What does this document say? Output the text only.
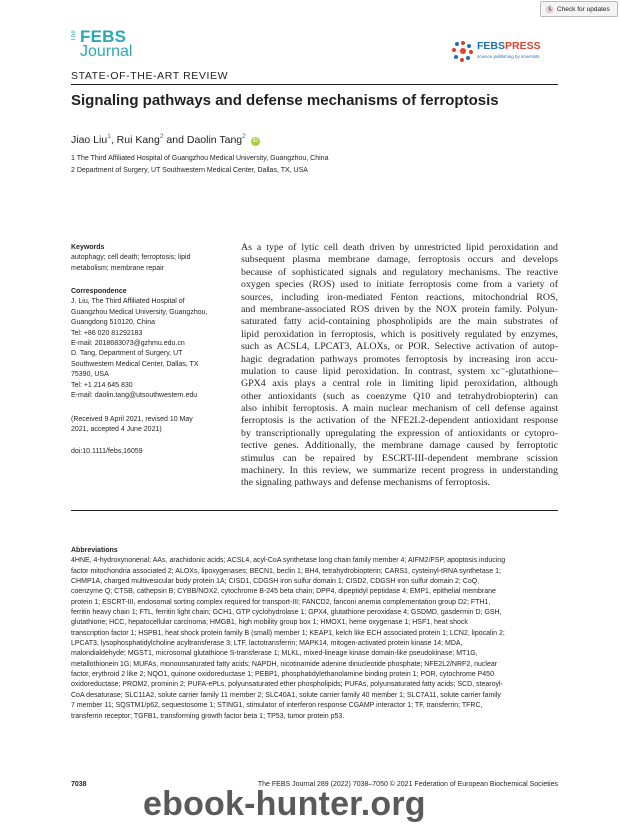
Check for updates
The FEBS
Journal	FEBSPRESS
science publishing by scientists
STATE-OF-THE-ART REVIEW
Signaling pathways and defense mechanisms of ferroptosis
Jiao Liu$^1$, Rui Kang$^2$ and Daolin Tang$^2$iD
1 The Third Affiliated Hospital of Guangzhou Medical University, Guangzhou, China
2 Department of Surgery, UT Southwestern Medical Center, Dallas, TX, USA
Keywords
autophagy; cell death; ferroptosis; lipid
metabolism; membrane repair
Correspondence
J. Liu, The Third Affiliated Hospital of
Guangzhou Medical University, Guangzhou,
Guangdong 510120, China
Tel: +86 020 81292183
E-mail: 2018683073@gzhmu.edu.cn
D. Tang, Department of Surgery, UT
Southwestern Medical Center, Dallas, TX
75390, USA
Tel: +1 214 645 830
E-mail: daolin.tang@utsouthwestern.edu
(Received 9 April 2021, revised 10 May
2021, accepted 4 June 2021)
doi:10.1111/febs.16059
As a type of lytic cell death driven by unrestricted lipid peroxidation and
subsequent plasma membrane damage, ferroptosis occurs and develops
because of sophisticated signals and regulatory mechanisms. The reactive
oxygen species (ROS) used to initiate ferroptosis come from a variety of
sources, including iron-mediated Fenton reactions, mitochondrial ROS,
and membrane-associated ROS driven by the NOX protein family. Polyun-
saturated fatty acid-containing phospholipids are the main substrates of
lipid peroxidation in ferroptosis, which is positively regulated by enzymes,
such as ACSL4, LPCAT3, ALOXs, or POR. Selective activation of autop-
hagic degradation pathways promotes ferroptosis by increasing iron accu-
mulation to cause lipid peroxidation. In contrast, system xc⁻-glutathione–
GPX4 axis plays a central role in limiting lipid peroxidation, although
other antioxidants (such as coenzyme Q10 and tetrahydrobiopterin) can
also inhibit ferroptosis. A main nuclear mechanism of cell defense against
ferroptosis is the activation of the NFE2L2-dependent antioxidant response
by transcriptionally upregulating the expression of antioxidants or cytopro-
tective genes. Additionally, the membrane damage caused by ferroptotic
stimulus can be repaired by ESCRT-III-dependent membrane scission
machinery. In this review, we summarize recent progress in understanding
the signaling pathways and defense mechanisms of ferroptosis.
Abbreviations
4HNE, 4-hydroxynonenal; AAs, arachidonic acids; ACSL4, acyl-CoA synthetase long chain family member 4; AIFM2/FSP, apoptosis inducing
factor mitochondria associated 2; ALOXs, lipoxygenases; BECN1, beclin 1; BH4, tetrahydrobiopterin; CARS1, cysteinyl-tRNA synthetase 1;
CHMP1A, charged multivesicular body protein 1A; CISD1, CDGSH iron sulfur domain 1; CISD2, CDGSH iron sulfur domain 2; CoQ,
coenzyme Q; CTSB, cathepsin B; CYBB/NOX2, cytochrome B-245 beta chain; DPP4, dipeptidyl peptidase 4; EMP1, epithelial membrane
protein 1; ESCRT-III, endosomal sorting complex required for transport-III; FANCD2, fanconi anemia complementation group D2; FTH1,
ferritin heavy chain 1; FTL, ferritin light chain; GCH1, GTP cyclohydrolase 1; GPX4, glutathione peroxidase 4; GSDMD, gasdermin D; GSH,
glutathione; HCC, hepatocellular carcinoma; HMGB1, high mobility group box 1; HMOX1, heme oxygenase 1; HSF1, heat shock
transcription factor 1; HSPB1, heat shock protein family B (small) member 1; KEAP1, kelch like ECH associated protein 1; LCN2, lipocalin 2;
LPCAT3, lysophosphatidylcholine acyltransferase 3; LTF, lactotransferrin; MAPK14, mitogen-activated protein kinase 14; MDA,
malondialdehyde; MGST1, microsomal glutathione S-transferase 1; MLKL, mixed-lineage kinase domain-like pseudokinase; MT1G,
metallothionein 1G; MUFAs, monounsaturated fatty acids; NAPDH, nicotinamide adenine dinucleotide phosphate; NFE2L2/NRF2, nuclear
factor, erythroid 2 like 2; NQO1, quinone oxidoreductase 1; PEBP1, phosphatidylethanolamine binding protein 1; POR, cytochrome P450
oxidoreductase; PROM2, prominin 2; PUFA-ePLs, polyunsaturated ether phospholipids; PUFAs, polyunsaturated fatty acids; SCD, stearoyl-
CoA desaturase; SLC11A2, solute carrier family 11 member 2; SLC40A1, solute carrier family 40 member 1; SLC7A11, solute carrier family
7 member 11; SQSTM1/p62, sequestosome 1; STING1, stimulator of interferon response CGAMP interactor 1; TF, transferrin; TFRC,
transferrin receptor; TGFB1, transforming growth factor beta 1; TP53, tumor protein p53.
7038	The FEBS Journal 289 (2022) 7038–7050 © 2021 Federation of European Biochemical Societies
ebook-hunter.org
